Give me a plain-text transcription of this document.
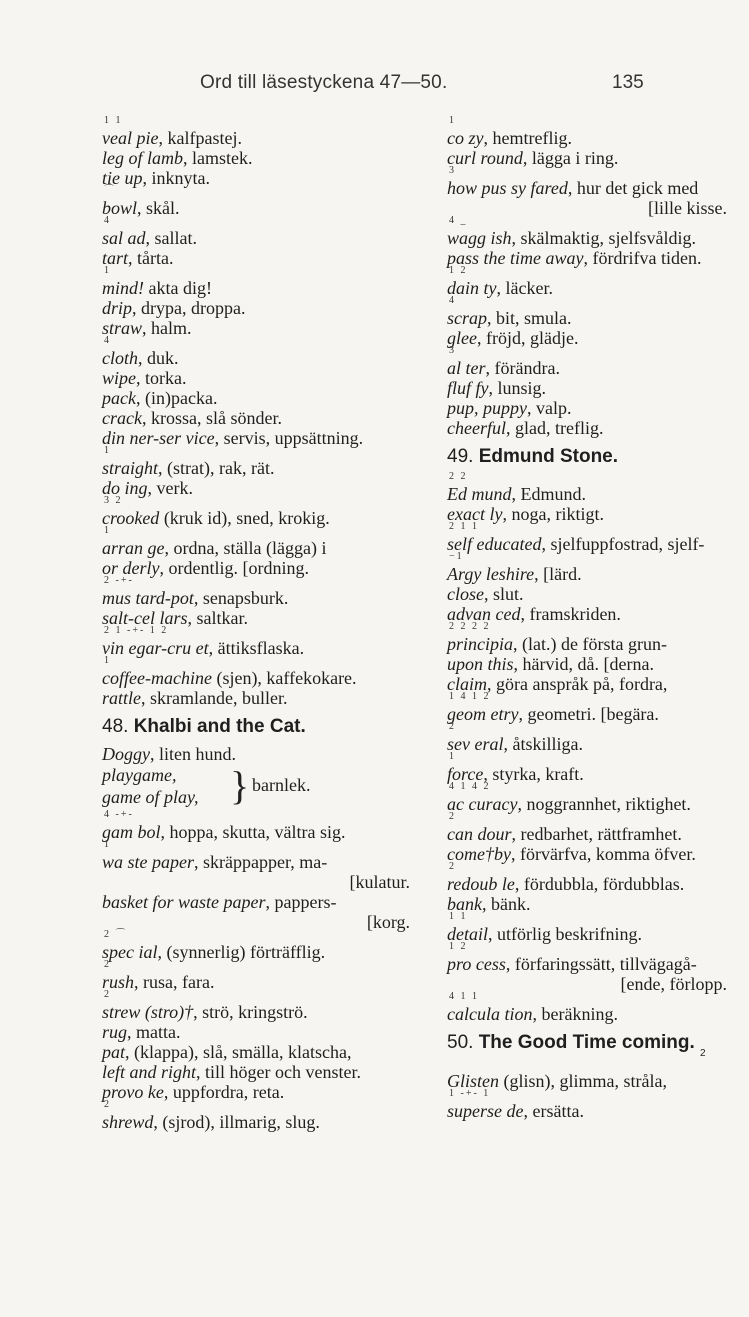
Ord till läsestyckena 47—50.	135
1 1
veal pie, kalfpastej.
leg of lamb, lamstek.
tie up, inknyta.
⌒
bowl, skål.
4
sal ad, sallat.
tart, tårta.
1
mind! akta dig!
drip, drypa, droppa.
straw, halm.
4
cloth, duk.
wipe, torka.
pack, (in)packa.
crack, krossa, slå sönder.
din ner-ser vice, servis, uppsättning.
1
straight, (strat), rak, rät.
do ing, verk.
3 2
crooked (kruk id), sned, krokig.
1
arran ge, ordna, ställa (lägga) i
or derly, ordentlig. [ordning.
2 -+-
mus tard-pot, senapsburk.
salt-cel lars, saltkar.
2 1 -+- 1 2
vin egar-cru et, ättiksflaska.
1
coffee-machine (sjen), kaffekokare.
rattle, skramlande, buller.
48. Khalbi and the Cat.
Doggy, liten hund.
playgame,
game of play, } barnlek.
4 -+-
gam bol, hoppa, skutta, vältra sig.
1
wa ste paper, skräppapper, ma-
[kulatur.
basket for waste paper, pappers-
[korg.
2 ⌒
spec ial, (synnerlig) förträfflig.
2
rush, rusa, fara.
2
strew (stro)†, strö, kringströ.
rug, matta.
pat, (klappa), slå, smälla, klatscha,
left and right, till höger och venster.
provo ke, uppfordra, reta.
2
shrewd, (sjrod), illmarig, slug.
1
co zy, hemtreflig.
curl round, lägga i ring.
3
how pus sy fared, hur det gick med
[lille kisse.
4 _
wagg ish, skälmaktig, sjelfsvåldig.
pass the time away, fördrifva tiden.
1 2
dain ty, läcker.
4
scrap, bit, smula.
glee, fröjd, glädje.
3
al ter, förändra.
fluf fy, lunsig.
pup, puppy, valp.
cheerful, glad, treflig.
49. Edmund Stone.
2 2
Ed mund, Edmund.
exact ly, noga, riktigt.
2 1 1
self educated, sjelfuppfostrad, sjelf-
−1
Argy leshire, [lärd.
close, slut.
advan ced, framskriden.
2 2 2 2
principia, (lat.) de första grun-
upon this, härvid, då. [derna.
claim, göra anspråk på, fordra,
1 4 1 2
geom etry, geometri. [begära.
2
sev eral, åtskilliga.
1
force, styrka, kraft.
4 1 4 2
ac curacy, noggrannhet, riktighet.
2
can dour, redbarhet, rättframhet.
come†by, förvärfva, komma öfver.
2
redoub le, fördubbla, fördubblas.
bank, bänk.
1 1
detail, utförlig beskrifning.
1 2
pro cess, förfaringssätt, tillvägagå-
[ende, förlopp.
4 1 1
calcula tion, beräkning.
50. The Good Time coming. $_2$
Glisten (glisn), glimma, stråla,
1 -+- 1
superse de, ersätta.
